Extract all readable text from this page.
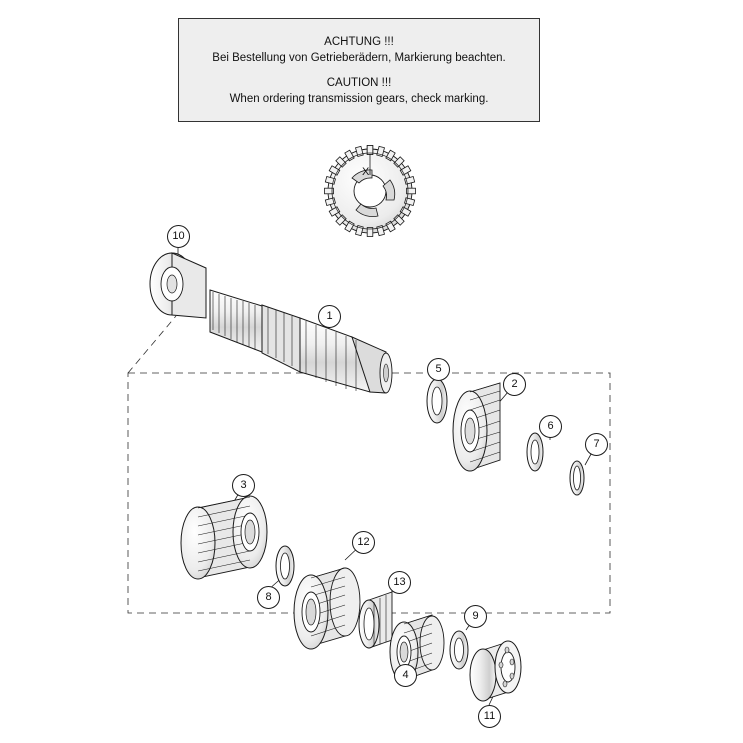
ACHTUNG !!!
Bei Bestellung von Getrieberädern, Markierung beachten.
CAUTION !!!
When ordering transmission gears, check marking.
X
10
1
5
2
6
7
3
12
8
13
9
4
11
